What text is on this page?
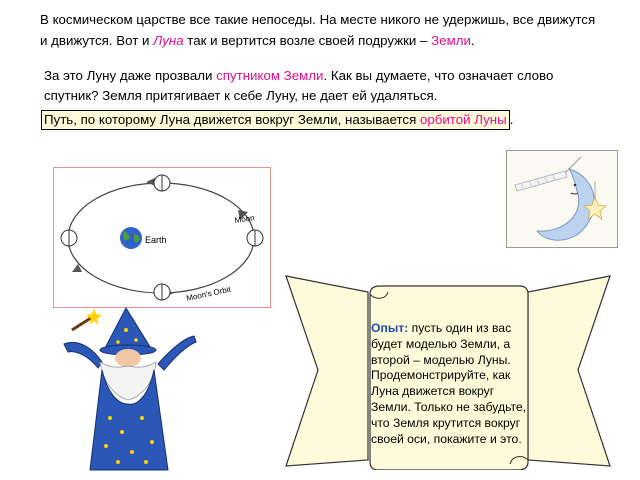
В космическом царстве все такие непоседы. На месте никого не удержишь, все движутся и движутся. Вот и Луна так и вертится возле своей подружки – Земли.
За это Луну даже прозвали спутником Земли. Как вы думаете, что означает слово спутник? Земля притягивает к себе Луну, не дает ей удаляться.
Путь, по которому Луна движется вокруг Земли, называется орбитой Луны .
Earth
Moon
Moon's Orbit
Опыт: пусть один из вас будет моделью Земли, а второй – моделью Луны. Продемонстрируйте, как Луна движется вокруг Земли. Только не забудьте, что Земля крутится вокруг своей оси, покажите и это.
